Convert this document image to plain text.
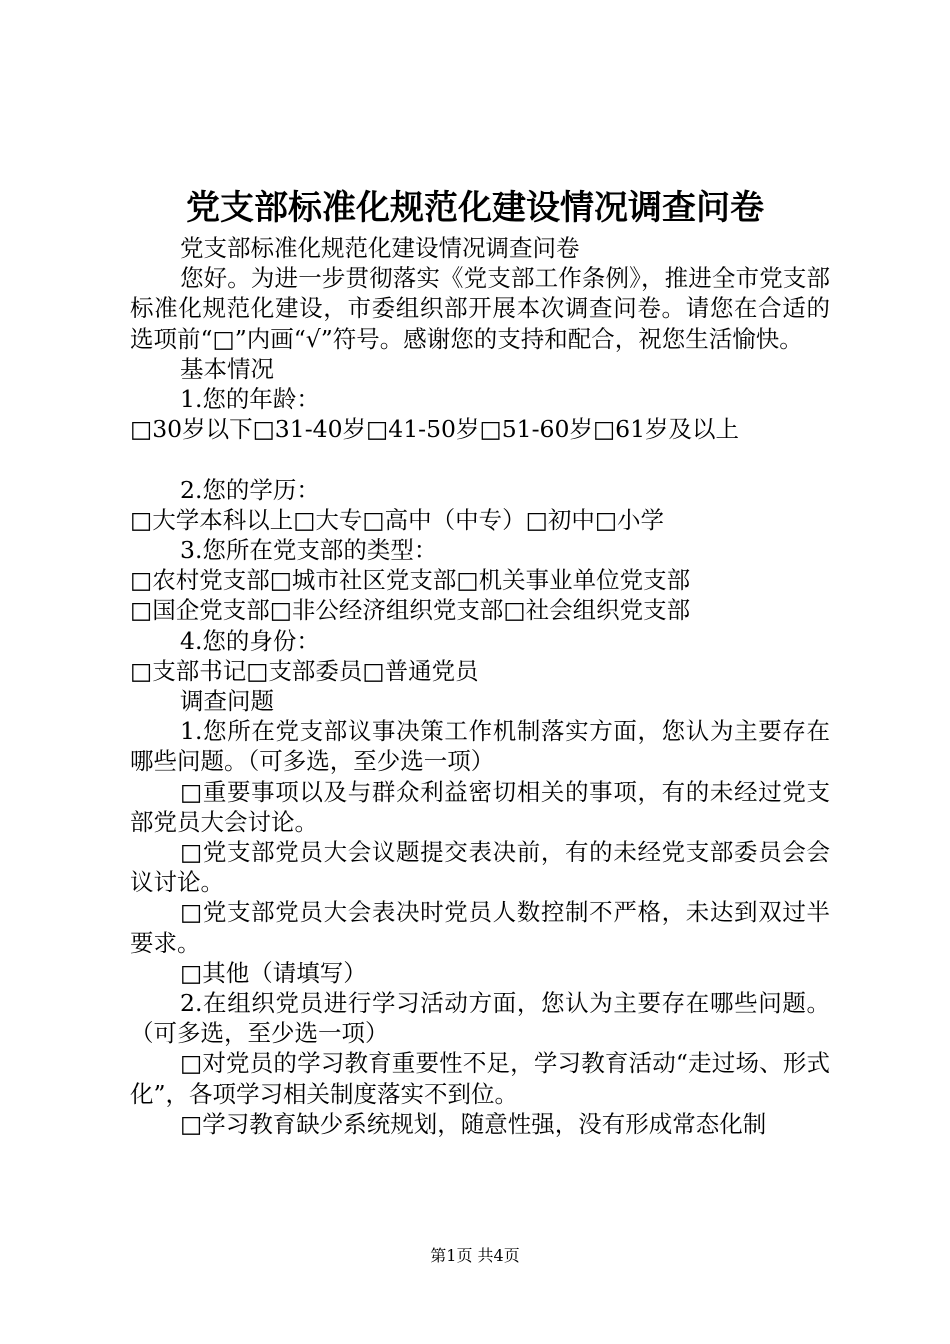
党支部标准化规范化建设情况调查问卷

党支部标准化规范化建设情况调查问卷

您好。为进一步贯彻落实《党支部工作条例》，推进全市党支部标准化规范化建设，市委组织部开展本次调查问卷。请您在合适的选项前“□”内画“√”符号。感谢您的支持和配合，祝您生活愉快。

基本情况

1.您的年龄：

□30岁以下□31-40岁□41-50岁□51-60岁□61岁及以上

2.您的学历：

□大学本科以上□大专□高中（中专）□初中□小学

3.您所在党支部的类型：

□农村党支部□城市社区党支部□机关事业单位党支部

□国企党支部□非公经济组织党支部□社会组织党支部

4.您的身份：

□支部书记□支部委员□普通党员

调查问题

1.您所在党支部议事决策工作机制落实方面，您认为主要存在哪些问题。（可多选，至少选一项）

□重要事项以及与群众利益密切相关的事项，有的未经过党支部党员大会讨论。

□党支部党员大会议题提交表决前，有的未经党支部委员会会议讨论。

□党支部党员大会表决时党员人数控制不严格，未达到双过半要求。

□其他（请填写）

2.在组织党员进行学习活动方面，您认为主要存在哪些问题。（可多选，至少选一项）

□对党员的学习教育重要性不足，学习教育活动“走过场、形式化”，各项学习相关制度落实不到位。

□学习教育缺少系统规划，随意性强，没有形成常态化制

第1页 共4页
